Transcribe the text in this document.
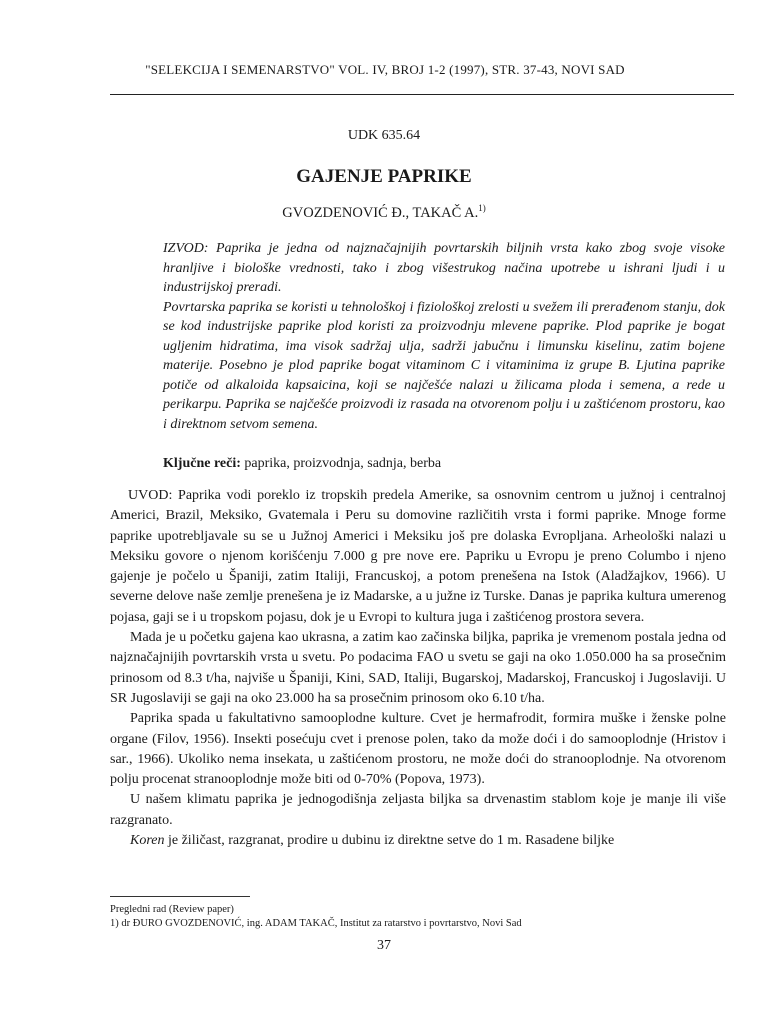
"SELEKCIJA I SEMENARSTVO" VOL. IV, BROJ 1-2 (1997), STR. 37-43, NOVI SAD
UDK 635.64
GAJENJE PAPRIKE
GVOZDENOVIĆ Đ., TAKAČ A.$^{1)}$

IZVOD: Paprika je jedna od najznačajnijih povrtarskih biljnih vrsta kako zbog svoje visoke hranljive i biološke vrednosti, tako i zbog višestrukog načina upotrebe u ishrani ljudi i u industrijskoj preradi.

Povrtarska paprika se koristi u tehnološkoj i fiziološkoj zrelosti u svežem ili prerađenom stanju, dok se kod industrijske paprike plod koristi za proizvodnju mlevene paprike. Plod paprike je bogat ugljenim hidratima, ima visok sadržaj ulja, sadrži jabučnu i limunsku kiselinu, zatim bojene materije. Posebno je plod paprike bogat vitaminom C i vitaminima iz grupe B. Ljutina paprike potiče od alkaloida kapsaicina, koji se najčešće nalazi u žilicama ploda i semena, a rede u perikarpu. Paprika se najčešće proizvodi iz rasada na otvorenom polju i u zaštićenom prostoru, kao i direktnom setvom semena.

Ključne reči: paprika, proizvodnja, sadnja, berba

UVOD: Paprika vodi poreklo iz tropskih predela Amerike, sa osnovnim centrom u južnoj i centralnoj Americi, Brazil, Meksiko, Gvatemala i Peru su domovine različitih vrsta i formi paprike. Mnoge forme paprike upotrebljavale su se u Južnoj Americi i Meksiku još pre dolaska Evropljana. Arheološki nalazi u Meksiku govore o njenom korišćenju 7.000 g pre nove ere. Papriku u Evropu je preno Columbo i njeno gajenje je počelo u Španiji, zatim Italiji, Francuskoj, a potom prenešena na Istok (Aladžajkov, 1966). U severne delove naše zemlje prenešena je iz Madarske, a u južne iz Turske. Danas je paprika kultura umerenog pojasa, gaji se i u tropskom pojasu, dok je u Evropi to kultura juga i zaštićenog prostora severa.

Mada je u početku gajena kao ukrasna, a zatim kao začinska biljka, paprika je vremenom postala jedna od najznačajnijih povrtarskih vrsta u svetu. Po podacima FAO u svetu se gaji na oko 1.050.000 ha sa prosečnim prinosom od 8.3 t/ha, najviše u Španiji, Kini, SAD, Italiji, Bugarskoj, Madarskoj, Francuskoj i Jugoslaviji. U SR Jugoslaviji se gaji na oko 23.000 ha sa prosečnim prinosom oko 6.10 t/ha.

Paprika spada u fakultativno samooplodne kulture. Cvet je hermafrodit, formira muške i ženske polne organe (Filov, 1956). Insekti posećuju cvet i prenose polen, tako da može doći i do samooplodnje (Hristov i sar., 1966). Ukoliko nema insekata, u zaštićenom prostoru, ne može doći do stranooplodnje. Na otvorenom polju procenat stranooplodnje može biti od 0-70% (Popova, 1973).

U našem klimatu paprika je jednogodišnja zeljasta biljka sa drvenastim stablom koje je manje ili više razgranato.

Koren je žiličast, razgranat, prodire u dubinu iz direktne setve do 1 m. Rasadene biljke

Pregledni rad (Review paper)
1) dr ĐURO GVOZDENOVIĆ, ing. ADAM TAKAČ, Institut za ratarstvo i povrtarstvo, Novi Sad
37
